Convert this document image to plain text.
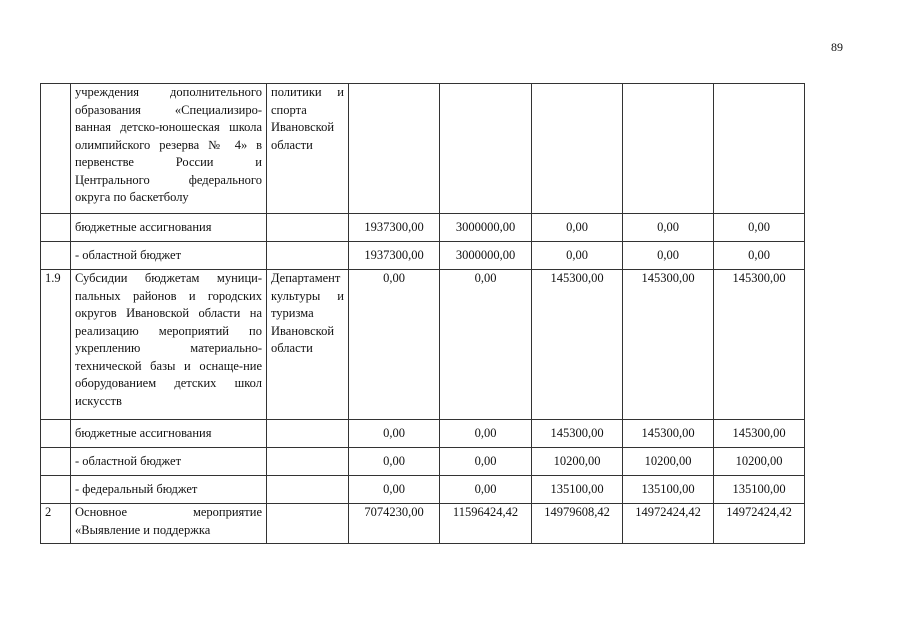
89
	учреждения дополнительного образования «Специализиро-ванная детско-юношеская школа олимпийского резерва № 4» в первенстве России и Центрального федерального округа по баскетболу	политики и спорта Ивановской области					
	бюджетные ассигнования		1937300,00	3000000,00	0,00	0,00	0,00
	- областной бюджет		1937300,00	3000000,00	0,00	0,00	0,00
1.9	Субсидии бюджетам муници-пальных районов и городских округов Ивановской области на реализацию мероприятий по укреплению материально-технической базы и оснаще-ние оборудованием детских школ искусств	Департамент культуры и туризма Ивановской области	0,00	0,00	145300,00	145300,00	145300,00
	бюджетные ассигнования		0,00	0,00	145300,00	145300,00	145300,00
	- областной бюджет		0,00	0,00	10200,00	10200,00	10200,00
	- федеральный бюджет		0,00	0,00	135100,00	135100,00	135100,00
2	Основное мероприятие «Выявление и поддержка		7074230,00	11596424,42	14979608,42	14972424,42	14972424,42
